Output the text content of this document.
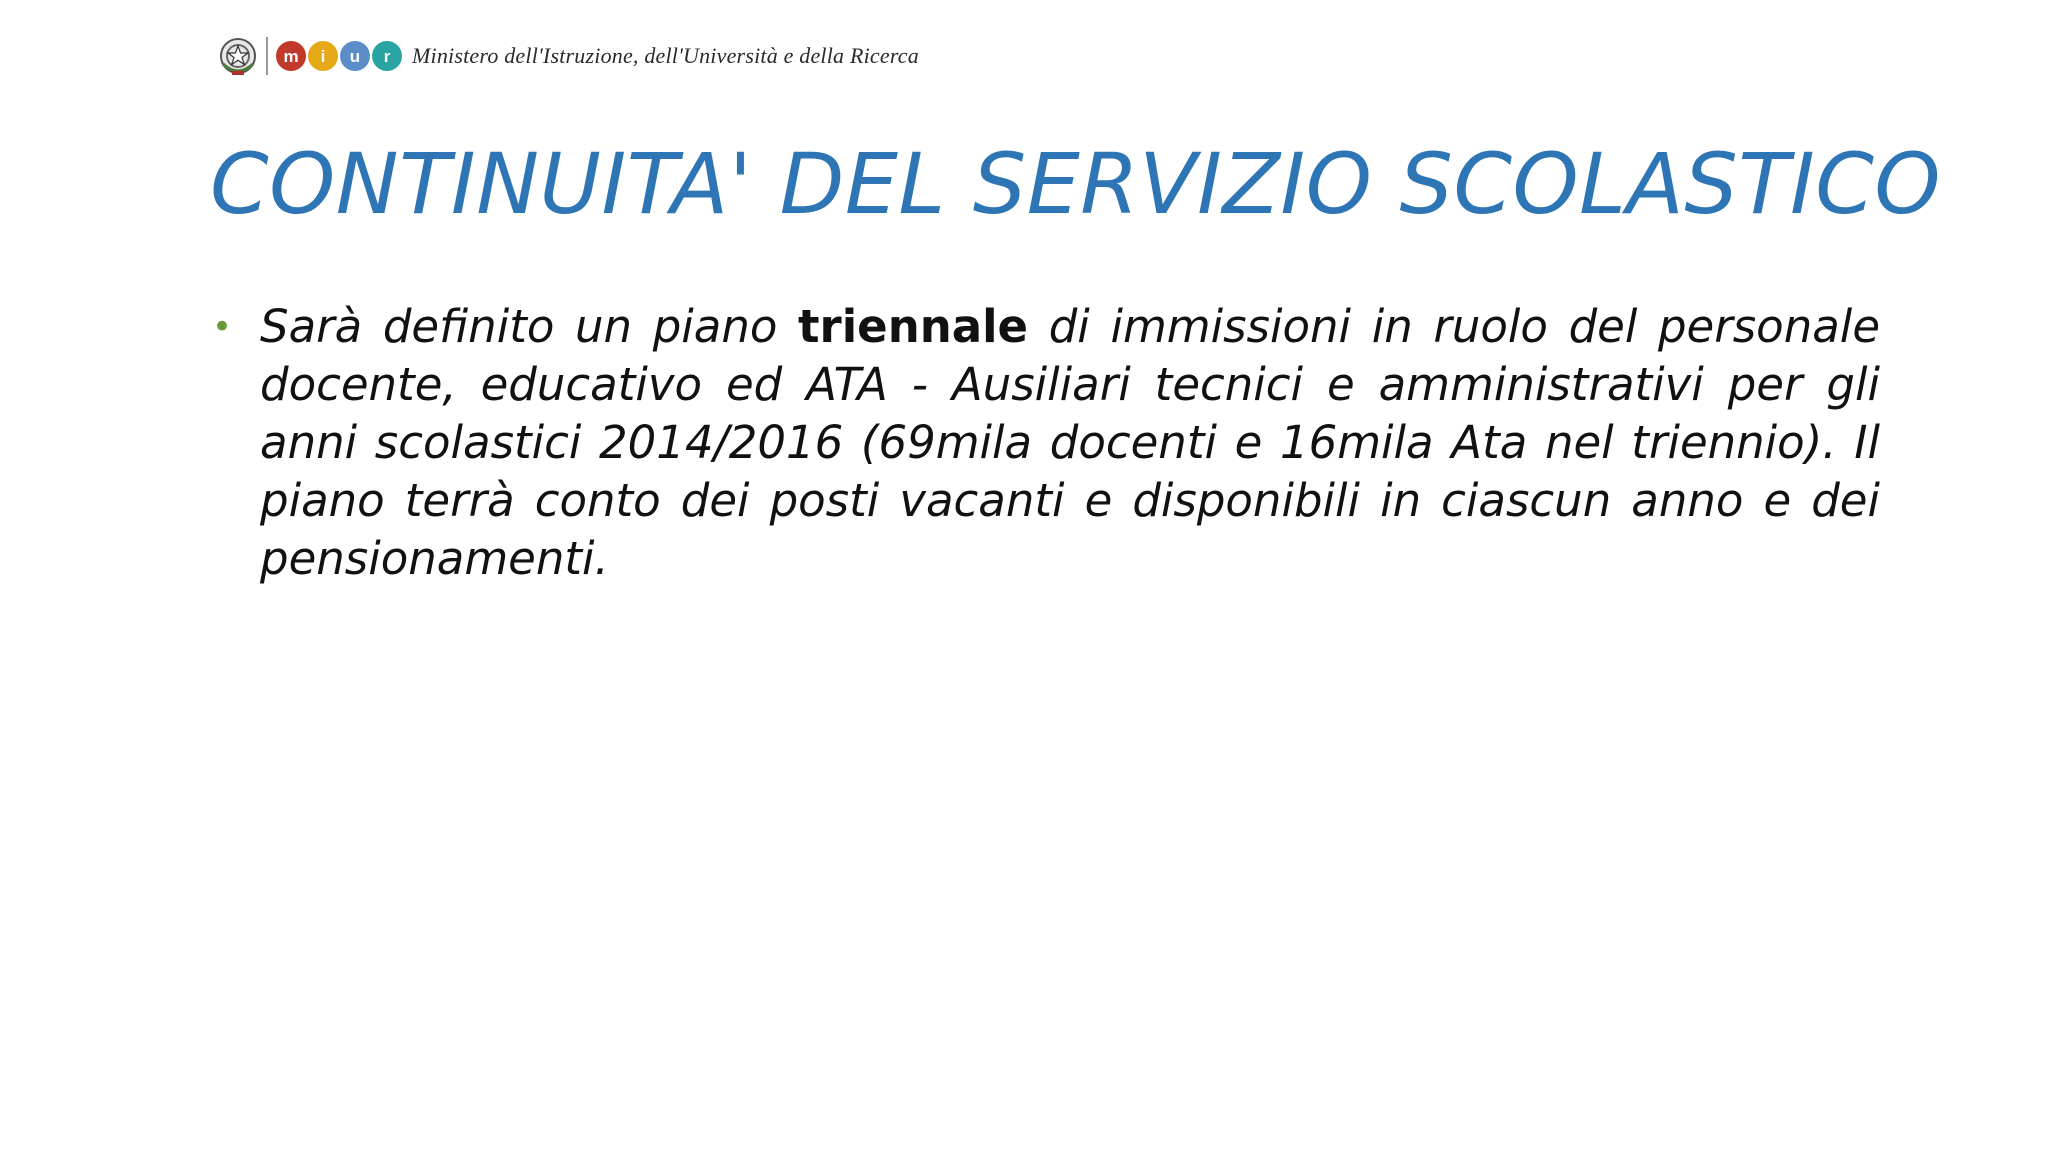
m	i	u	r Ministero dell'Istruzione, dell'Università e della Ricerca
CONTINUITA' DEL SERVIZIO SCOLASTICO
• Sarà definito un piano triennale di immissioni in ruolo del personale docente, educativo ed ATA - Ausiliari tecnici e amministrativi per gli anni scolastici 2014/2016 (69mila docenti e 16mila Ata nel triennio). Il piano terrà conto dei posti vacanti e disponibili in ciascun anno e dei pensionamenti.
